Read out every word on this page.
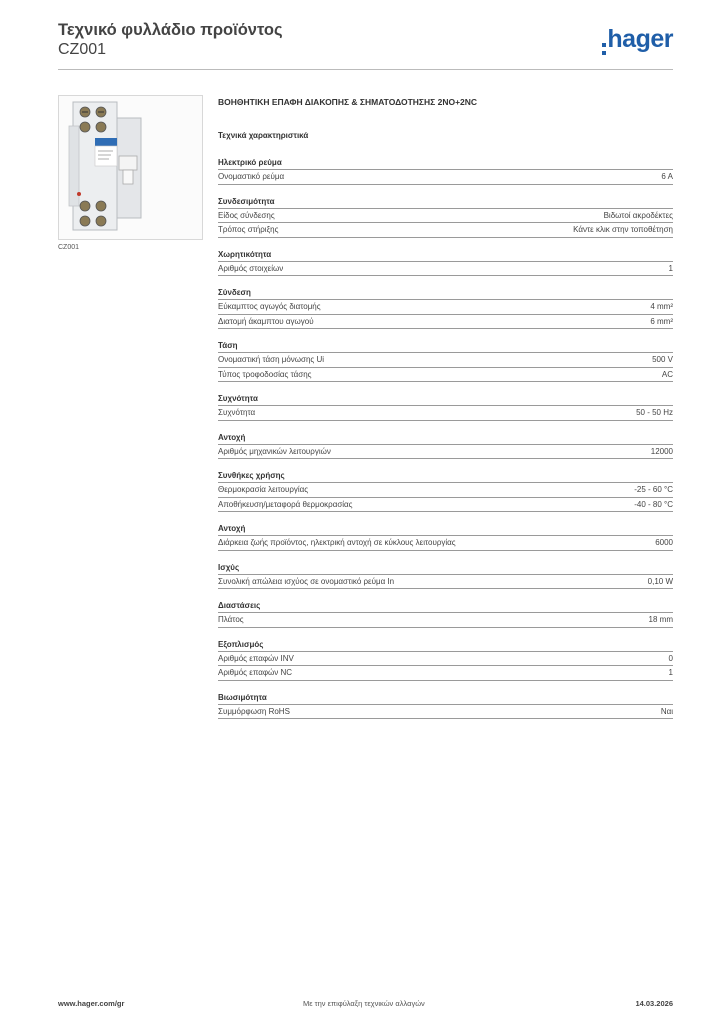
Τεχνικό φυλλάδιο προϊόντος
CZ001	hager
CZ001
ΒΟΗΘΗΤΙΚΗ ΕΠΑΦΗ ΔΙΑΚΟΠΗΣ & ΣΗΜΑΤΟΔΟΤΗΣΗΣ 2NO+2NC
Τεχνικά χαρακτηριστικά
Ηλεκτρικό ρεύμα
Ονομαστικό ρεύμα	6 A
Συνδεσιμότητα
Είδος σύνδεσης	Βιδωτοί ακροδέκτες
Τρόπος στήριξης	Κάντε κλικ στην τοποθέτηση
Χωρητικότητα
Αριθμός στοιχείων	1
Σύνδεση
Εύκαμπτος αγωγός διατομής	4 mm²
Διατομή άκαμπτου αγωγού	6 mm²
Τάση
Ονομαστική τάση μόνωσης Ui	500 V
Τύπος τροφοδοσίας τάσης	AC
Συχνότητα
Συχνότητα	50 - 50 Hz
Αντοχή
Αριθμός μηχανικών λειτουργιών	12000
Συνθήκες χρήσης
Θερμοκρασία λειτουργίας	-25 - 60 °C
Αποθήκευση/μεταφορά θερμοκρασίας	-40 - 80 °C
Αντοχή
Διάρκεια ζωής προϊόντος, ηλεκτρική αντοχή σε κύκλους λειτουργίας	6000
Ισχύς
Συνολική απώλεια ισχύος σε ονομαστικό ρεύμα In	0,10 W
Διαστάσεις
Πλάτος	18 mm
Εξοπλισμός
Αριθμός επαφών INV	0
Αριθμός επαφών NC	1
Βιωσιμότητα
Συμμόρφωση RoHS	Ναι
www.hager.com/gr	Με την επιφύλαξη τεχνικών αλλαγών	14.03.2026
